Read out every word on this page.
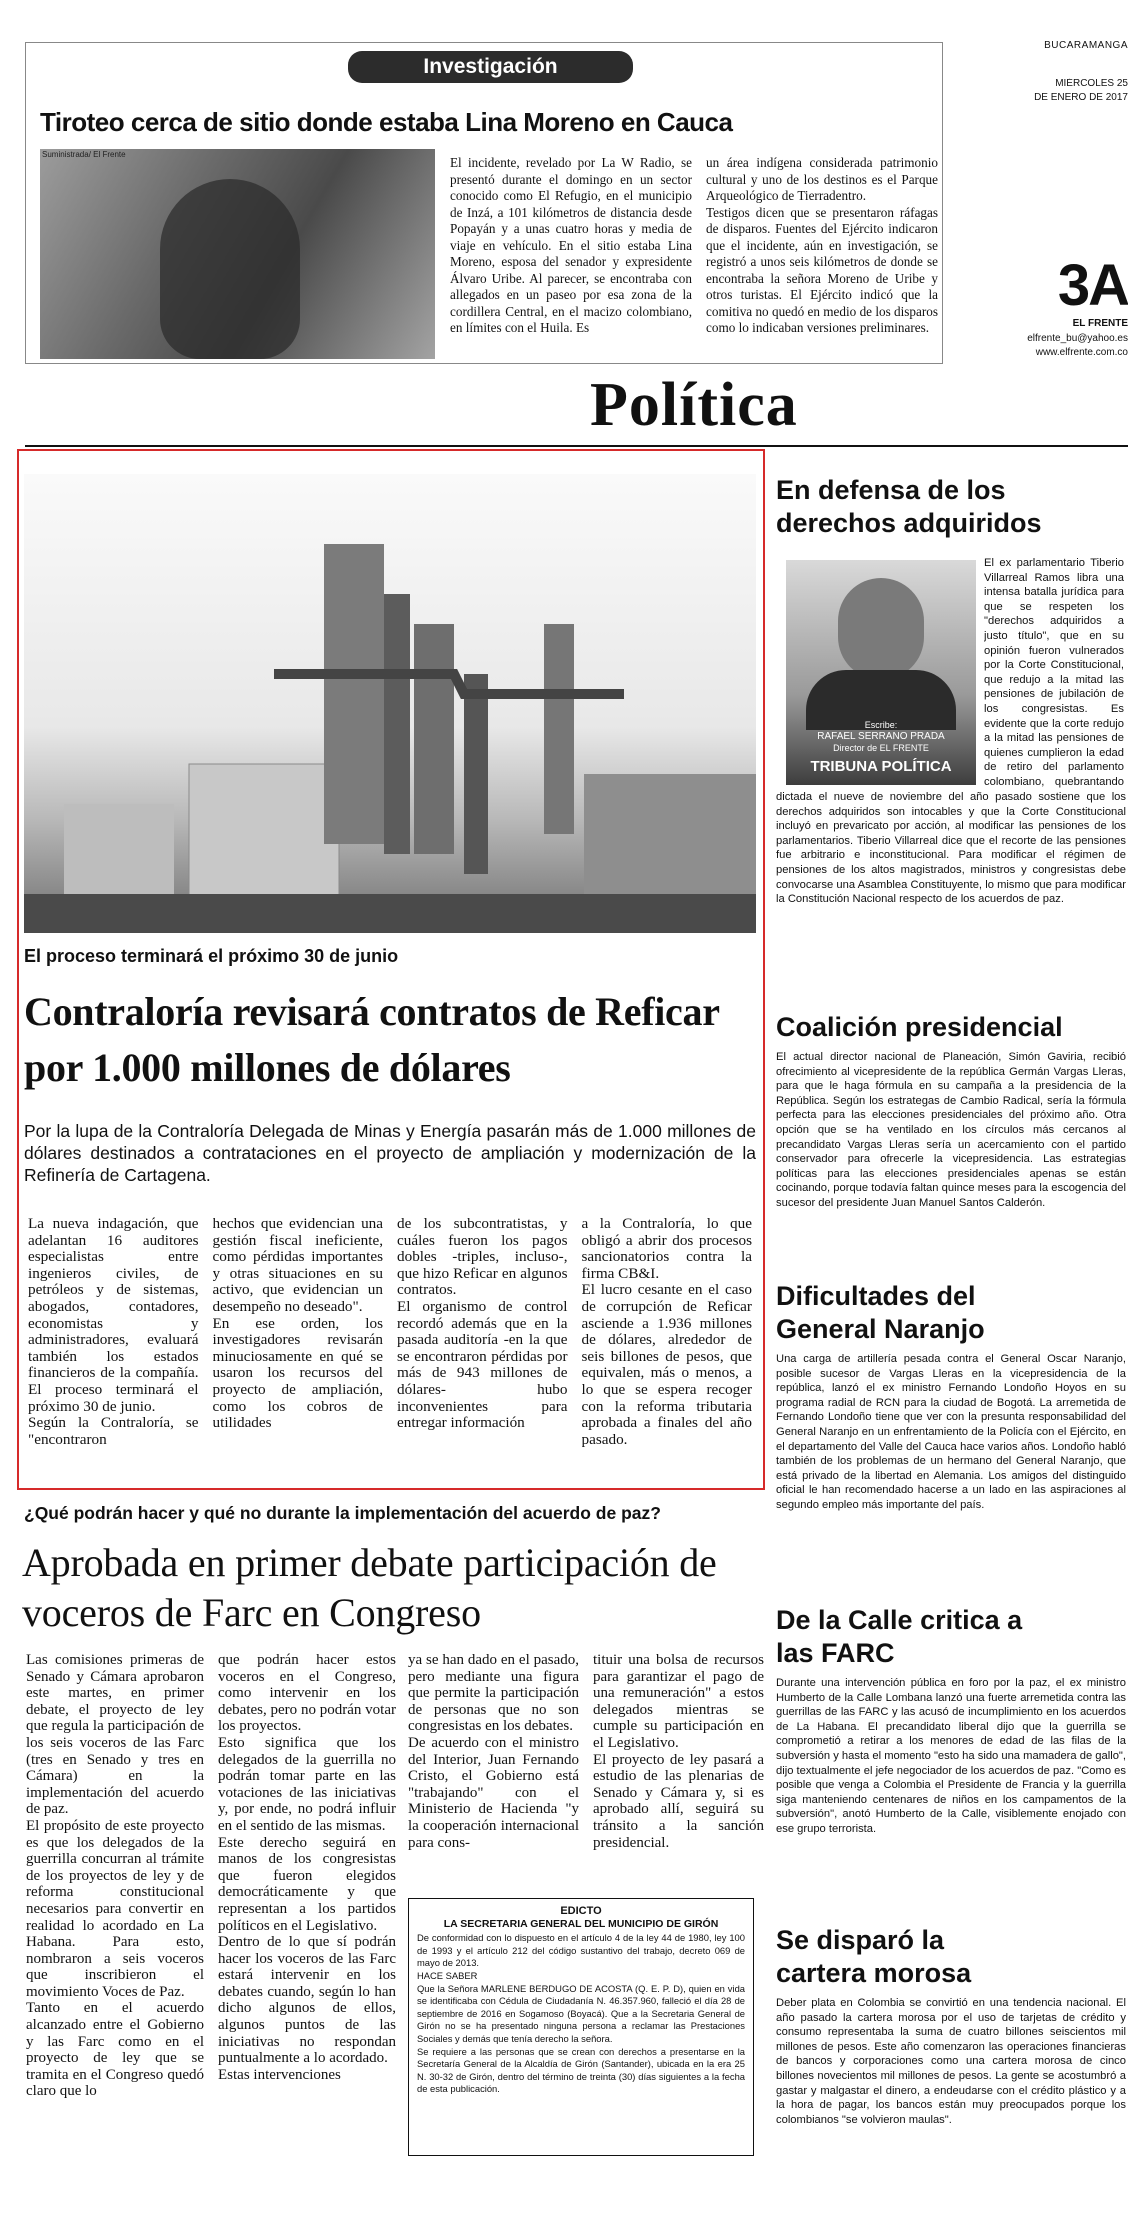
BUCARAMANGA
MIÉRCOLES 25
DE ENERO DE 2017
3A
EL FRENTE
elfrente_bu@yahoo.es
www.elfrente.com.co
Investigación
Tiroteo cerca de sitio donde estaba Lina Moreno en Cauca
Suministrada/ El Frente

El incidente, revelado por La W Radio, se presentó durante el domingo en un sector conocido como El Refugio, en el municipio de Inzá, a 101 kilómetros de distancia desde Popayán y a unas cuatro horas y media de viaje en vehículo. En el sitio estaba Lina Moreno, esposa del senador y expresidente Álvaro Uribe. Al parecer, se encontraba con allegados en un paseo por esa zona de la cordillera Central, en el macizo colombiano, en límites con el Huila. Es

un área indígena considerada patrimonio cultural y uno de los destinos es el Parque Arqueológico de Tierradentro.
Testigos dicen que se presentaron ráfagas de disparos. Fuentes del Ejército indicaron que el incidente, aún en investigación, se registró a unos seis kilómetros de donde se encontraba la señora Moreno de Uribe y otros turistas. El Ejército indicó que la comitiva no quedó en medio de los disparos como lo indicaban versiones preliminares.

Política
El proceso terminará el próximo 30 de junio
Contraloría revisará contratos de Reficar por 1.000 millones de dólares

Por la lupa de la Contraloría Delegada de Minas y Energía pasarán más de 1.000 millones de dólares destinados a contrataciones en el proyecto de ampliación y modernización de la Refinería de Cartagena.

La nueva indagación, que adelantan 16 auditores especialistas entre ingenieros civiles, de petróleos y de sistemas, abogados, contadores, economistas y administradores, evaluará también los estados financieros de la compañía. El proceso terminará el próximo 30 de junio.
Según la Contraloría, se "encontraron

hechos que evidencian una gestión fiscal ineficiente, como pérdidas importantes y otras situaciones en su activo, que evidencian un desempeño no deseado".
En ese orden, los investigadores revisarán minuciosamente en qué se usaron los recursos del proyecto de ampliación, como los cobros de utilidades

de los subcontratistas, y cuáles fueron los pagos dobles -triples, incluso-, que hizo Reficar en algunos contratos.
El organismo de control recordó además que en la pasada auditoría -en la que se encontraron pérdidas por más de 943 millones de dólares- hubo inconvenientes para entregar información

a la Contraloría, lo que obligó a abrir dos procesos sancionatorios contra la firma CB&I.
El lucro cesante en el caso de corrupción de Reficar asciende a 1.936 millones de dólares, alrededor de seis billones de pesos, que equivalen, más o menos, a lo que se espera recoger con la reforma tributaria aprobada a finales del año pasado.

¿Qué podrán hacer y qué no durante la implementación del acuerdo de paz?
Aprobada en primer debate participación de voceros de Farc en Congreso

Las comisiones primeras de Senado y Cámara aprobaron este martes, en primer debate, el proyecto de ley que regula la participación de los seis voceros de las Farc (tres en Senado y tres en Cámara) en la implementación del acuerdo de paz.
El propósito de este proyecto es que los delegados de la guerrilla concurran al trámite de los proyectos de ley y de reforma constitucional necesarios para convertir en realidad lo acordado en La Habana. Para esto, nombraron a seis voceros que inscribieron el movimiento Voces de Paz.
Tanto en el acuerdo alcanzado entre el Gobierno y las Farc como en el proyecto de ley que se tramita en el Congreso quedó claro que lo

que podrán hacer estos voceros en el Congreso, como intervenir en los debates, pero no podrán votar los proyectos.
Esto significa que los delegados de la guerrilla no podrán tomar parte en las votaciones de las iniciativas y, por ende, no podrá influir en el sentido de las mismas.
Este derecho seguirá en manos de los congresistas que fueron elegidos democráticamente y que representan a los partidos políticos en el Legislativo.
Dentro de lo que sí podrán hacer los voceros de las Farc estará intervenir en los debates cuando, según lo han dicho algunos de ellos, algunos puntos de las iniciativas no respondan puntualmente a lo acordado.
Estas intervenciones

ya se han dado en el pasado, pero mediante una figura que permite la participación de personas que no son congresistas en los debates.
De acuerdo con el ministro del Interior, Juan Fernando Cristo, el Gobierno está "trabajando" con el Ministerio de Hacienda "y la cooperación internacional para cons-

tituir una bolsa de recursos para garantizar el pago de una remuneración" a estos delegados mientras se cumple su participación en el Legislativo.
El proyecto de ley pasará a estudio de las plenarias de Senado y Cámara y, si es aprobado allí, seguirá su tránsito a la sanción presidencial.

EDICTO
LA SECRETARIA GENERAL DEL MUNICIPIO DE GIRÓN

De conformidad con lo dispuesto en el artículo 4 de la ley 44 de 1980, ley 100 de 1993 y el artículo 212 del código sustantivo del trabajo, decreto 069 de mayo de 2013.

HACE SABER

Que la Señora MARLENE BERDUGO DE ACOSTA (Q. E. P. D), quien en vida se identificaba con Cédula de Ciudadanía N. 46.357.960, falleció el día 28 de septiembre de 2016 en Sogamoso (Boyacá). Que a la Secretaria General de Girón no se ha presentado ninguna persona a reclamar las Prestaciones Sociales y demás que tenía derecho la señora.

Se requiere a las personas que se crean con derechos a presentarse en la Secretaría General de la Alcaldía de Girón (Santander), ubicada en la era 25 N. 30-32 de Girón, dentro del término de treinta (30) días siguientes a la fecha de esta publicación.

En defensa de los derechos adquiridos
Escribe:
RAFAEL SERRANO PRADA
Director de EL FRENTE
TRIBUNA POLÍTICA

El ex parlamentario Tiberio Villarreal Ramos libra una intensa batalla jurídica para que se respeten los "derechos adquiridos a justo título", que en su opinión fueron vulnerados por la Corte Constitucional, que redujo a la mitad las pensiones de jubilación de los congresistas. Es evidente que la corte redujo a la mitad las pensiones de quienes cumplieron la edad de retiro del parlamento colombiano, quebrantando

dictada el nueve de noviembre del año pasado sostiene que los derechos adquiridos son intocables y que la Corte Constitucional incluyó en prevaricato por acción, al modificar las pensiones de los parlamentarios. Tiberio Villarreal dice que el recorte de las pensiones fue arbitrario e inconstitucional. Para modificar el régimen de pensiones de los altos magistrados, ministros y congresistas debe convocarse una Asamblea Constituyente, lo mismo que para modificar la Constitución Nacional respecto de los acuerdos de paz.

Coalición presidencial

El actual director nacional de Planeación, Simón Gaviria, recibió ofrecimiento al vicepresidente de la república Germán Vargas Lleras, para que le haga fórmula en su campaña a la presidencia de la República. Según los estrategas de Cambio Radical, sería la fórmula perfecta para las elecciones presidenciales del próximo año. Otra opción que se ha ventilado en los círculos más cercanos al precandidato Vargas Lleras sería un acercamiento con el partido conservador para ofrecerle la vicepresidencia. Las estrategias políticas para las elecciones presidenciales apenas se están cocinando, porque todavía faltan quince meses para la escogencia del sucesor del presidente Juan Manuel Santos Calderón.

Dificultades del General Naranjo

Una carga de artillería pesada contra el General Oscar Naranjo, posible sucesor de Vargas Lleras en la vicepresidencia de la república, lanzó el ex ministro Fernando Londoño Hoyos en su programa radial de RCN para la ciudad de Bogotá. La arremetida de Fernando Londoño tiene que ver con la presunta responsabilidad del General Naranjo en un enfrentamiento de la Policía con el Ejército, en el departamento del Valle del Cauca hace varios años. Londoño habló también de los problemas de un hermano del General Naranjo, que está privado de la libertad en Alemania. Los amigos del distinguido oficial le han recomendado hacerse a un lado en las aspiraciones al segundo empleo más importante del país.

De la Calle critica a las FARC

Durante una intervención pública en foro por la paz, el ex ministro Humberto de la Calle Lombana lanzó una fuerte arremetida contra las guerrillas de las FARC y las acusó de incumplimiento en los acuerdos de La Habana. El precandidato liberal dijo que la guerrilla se comprometió a retirar a los menores de edad de las filas de la subversión y hasta el momento "esto ha sido una mamadera de gallo", dijo textualmente el jefe negociador de los acuerdos de paz. "Como es posible que venga a Colombia el Presidente de Francia y la guerrilla siga manteniendo centenares de niños en los campamentos de la subversión", anotó Humberto de la Calle, visiblemente enojado con ese grupo terrorista.

Se disparó la cartera morosa

Deber plata en Colombia se convirtió en una tendencia nacional. El año pasado la cartera morosa por el uso de tarjetas de crédito y consumo representaba la suma de cuatro billones seiscientos mil millones de pesos. Este año comenzaron las operaciones financieras de bancos y corporaciones como una cartera morosa de cinco billones novecientos mil millones de pesos. La gente se acostumbró a gastar y malgastar el dinero, a endeudarse con el crédito plástico y a la hora de pagar, los bancos están muy preocupados porque los colombianos "se volvieron maulas".
